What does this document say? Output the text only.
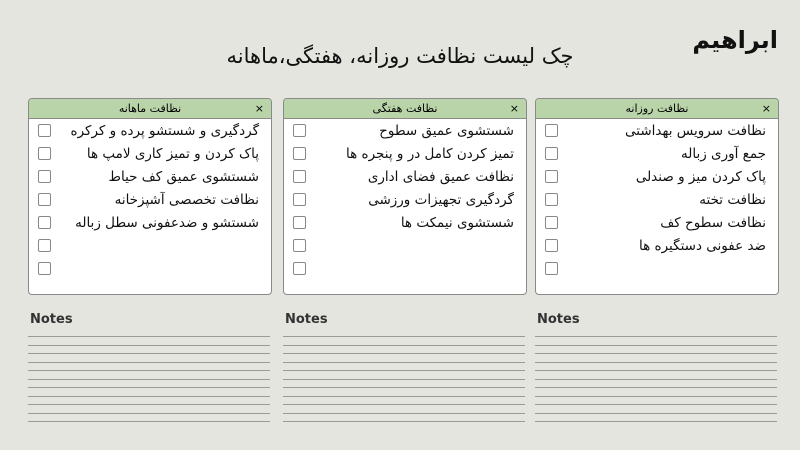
ابراهیم
چک لیست نظافت روزانه، هفتگی،ماهانه
نظافت ماهانه	×
گردگیری و شستشو پرده و کرکره
پاک کردن و تمیز کاری لامپ ها
شستشوی عمیق کف حیاط
نظافت تخصصی آشپزخانه
شستشو و ضدعفونی سطل زباله
Notes
نظافت هفتگی	×
شستشوی عمیق سطوح
تمیز کردن کامل در و پنجره ها
نظافت عمیق فضای اداری
گردگیری تجهیزات ورزشی
شستشوی نیمکت ها
Notes
نظافت روزانه	×
نظافت سرویس بهداشتی
جمع آوری زباله
پاک کردن میز و صندلی
نظافت تخته
نظافت سطوح کف
ضد عفونی دستگیره ها
Notes
